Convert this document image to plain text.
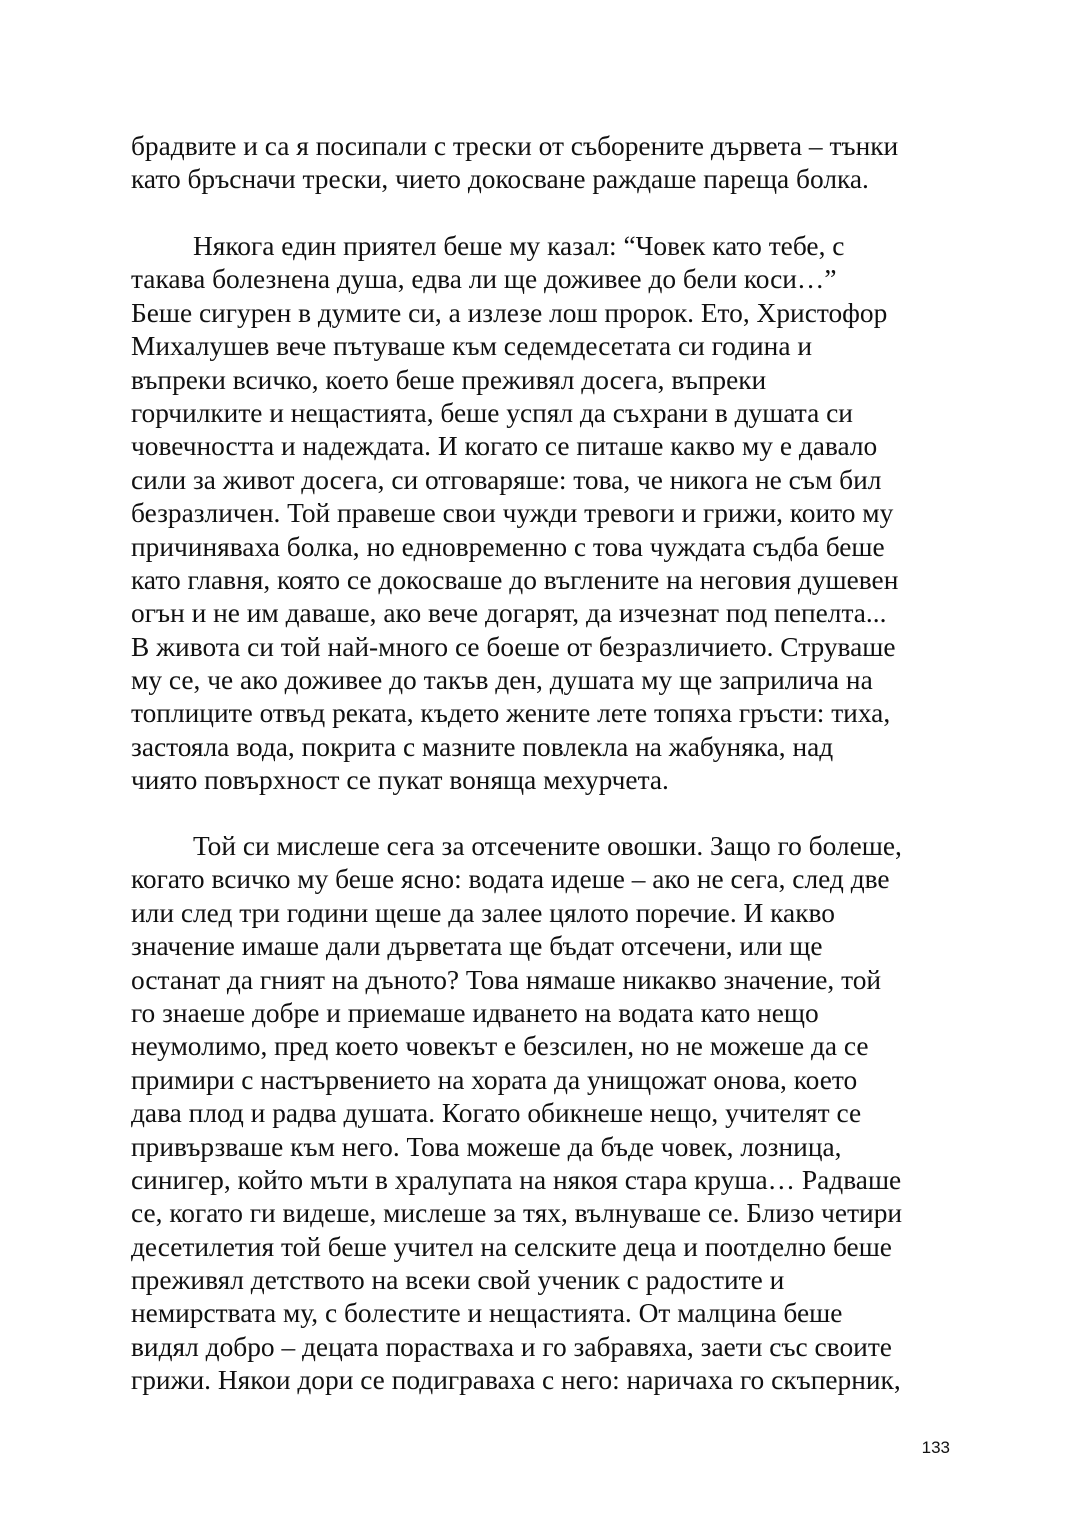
брадвите и са я посипали с трески от съборените дървета – тънки
като бръсначи трески, чието докосване раждаше пареща болка.
Някога един приятел беше му казал: “Човек като тебе, с
такава болезнена душа, едва ли ще доживее до бели коси…”
Беше сигурен в думите си, а излезе лош пророк. Ето, Христофор
Михалушев вече пътуваше към седемдесетата си година и
въпреки всичко, което беше преживял досега, въпреки
горчилките и нещастията, беше успял да съхрани в душата си
човечността и надеждата. И когато се питаше какво му е давало
сили за живот досега, си отговаряше: това, че никога не съм бил
безразличен. Той правеше свои чужди тревоги и грижи, които му
причиняваха болка, но едновременно с това чуждата съдба беше
като главня, която се докосваше до въглените на неговия душевен
огън и не им даваше, ако вече догарят, да изчезнат под пепелта...
В живота си той най-много се боеше от безразличието. Струваше
му се, че ако доживее до такъв ден, душата му ще заприлича на
топлиците отвъд реката, където жените лете топяха гръсти: тиха,
застояла вода, покрита с мазните повлекла на жабуняка, над
чиято повърхност се пукат воняща мехурчета.
Той си мислеше сега за отсечените овошки. Защо го болеше,
когато всичко му беше ясно: водата идеше – ако не сега, след две
или след три години щеше да залее цялото поречие. И какво
значение имаше дали дърветата ще бъдат отсечени, или ще
останат да гният на дъното? Това нямаше никакво значение, той
го знаеше добре и приемаше идването на водата като нещо
неумолимо, пред което човекът е безсилен, но не можеше да се
примири с настървението на хората да унищожат онова, което
дава плод и радва душата. Когато обикнеше нещо, учителят се
привързваше към него. Това можеше да бъде човек, лозница,
синигер, който мъти в хралупата на някоя стара круша… Радваше
се, когато ги видеше, мислеше за тях, вълнуваше се. Близо четири
десетилетия той беше учител на селските деца и поотделно беше
преживял детството на всеки свой ученик с радостите и
немирствата му, с болестите и нещастията. От малцина беше
видял добро – децата порастваха и го забравяха, заети със своите
грижи. Някои дори се подиграваха с него: наричаха го скъперник,
133
